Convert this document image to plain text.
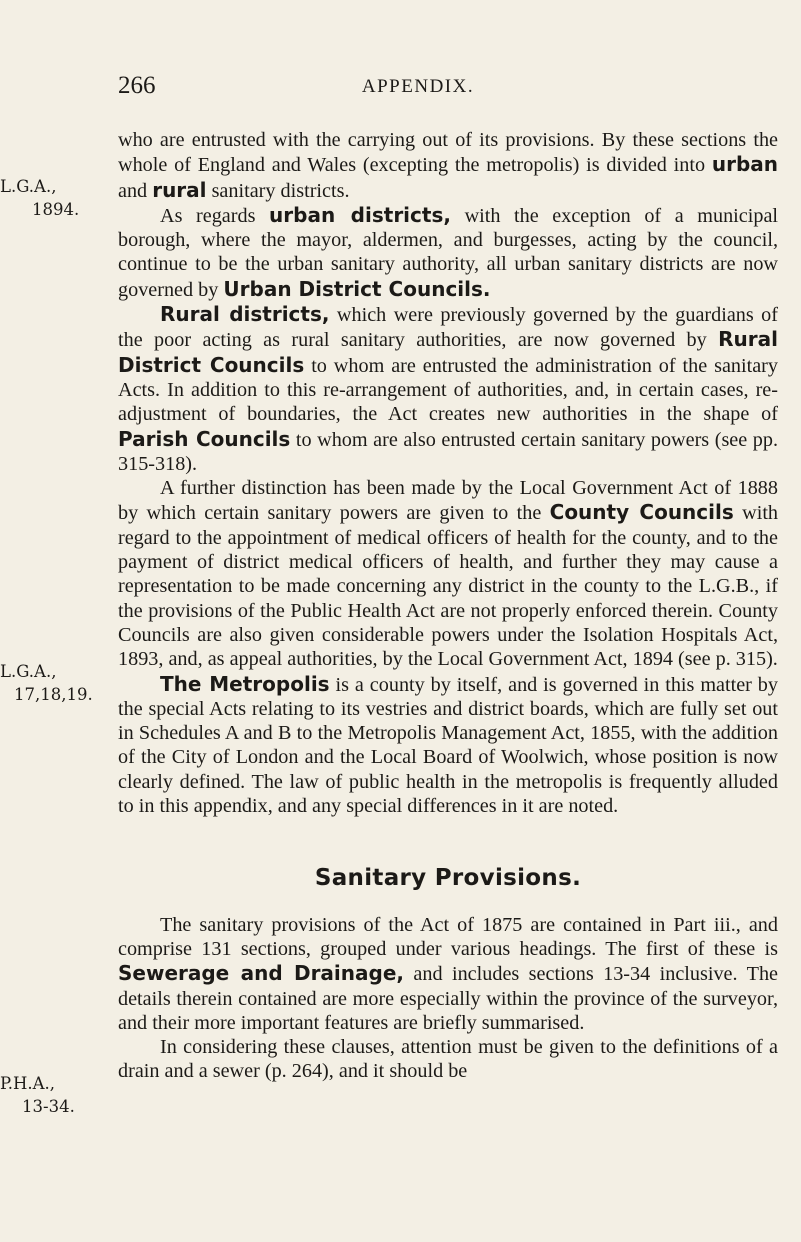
266	APPENDIX.
L.G.A.,
1894.
L.G.A.,
17,18,19.
P.H.A.,
13-34.

who are entrusted with the carrying out of its provisions. By these sections the whole of England and Wales (excepting the metropolis) is divided into urban and rural sanitary districts.

As regards urban districts, with the exception of a municipal borough, where the mayor, aldermen, and burgesses, acting by the council, continue to be the urban sanitary authority, all urban sanitary districts are now governed by Urban District Councils.

Rural districts, which were previously governed by the guardians of the poor acting as rural sanitary authorities, are now governed by Rural District Councils to whom are entrusted the administration of the sanitary Acts. In addition to this re-arrangement of authorities, and, in certain cases, re-adjustment of boundaries, the Act creates new authorities in the shape of Parish Councils to whom are also entrusted certain sanitary powers (see pp. 315-318).

A further distinction has been made by the Local Government Act of 1888 by which certain sanitary powers are given to the County Councils with regard to the appointment of medical officers of health for the county, and to the payment of district medical officers of health, and further they may cause a representation to be made concerning any district in the county to the L.G.B., if the provisions of the Public Health Act are not properly enforced therein. County Councils are also given considerable powers under the Isolation Hospitals Act, 1893, and, as appeal authorities, by the Local Government Act, 1894 (see p. 315).

The Metropolis is a county by itself, and is governed in this matter by the special Acts relating to its vestries and district boards, which are fully set out in Schedules A and B to the Metropolis Management Act, 1855, with the addition of the City of London and the Local Board of Woolwich, whose position is now clearly defined. The law of public health in the metropolis is frequently alluded to in this appendix, and any special differences in it are noted.

Sanitary Provisions.

The sanitary provisions of the Act of 1875 are contained in Part iii., and comprise 131 sections, grouped under various headings. The first of these is Sewerage and Drainage, and includes sections 13-34 inclusive. The details therein contained are more especially within the province of the surveyor, and their more important features are briefly summarised.

In considering these clauses, attention must be given to the definitions of a drain and a sewer (p. 264), and it should be
